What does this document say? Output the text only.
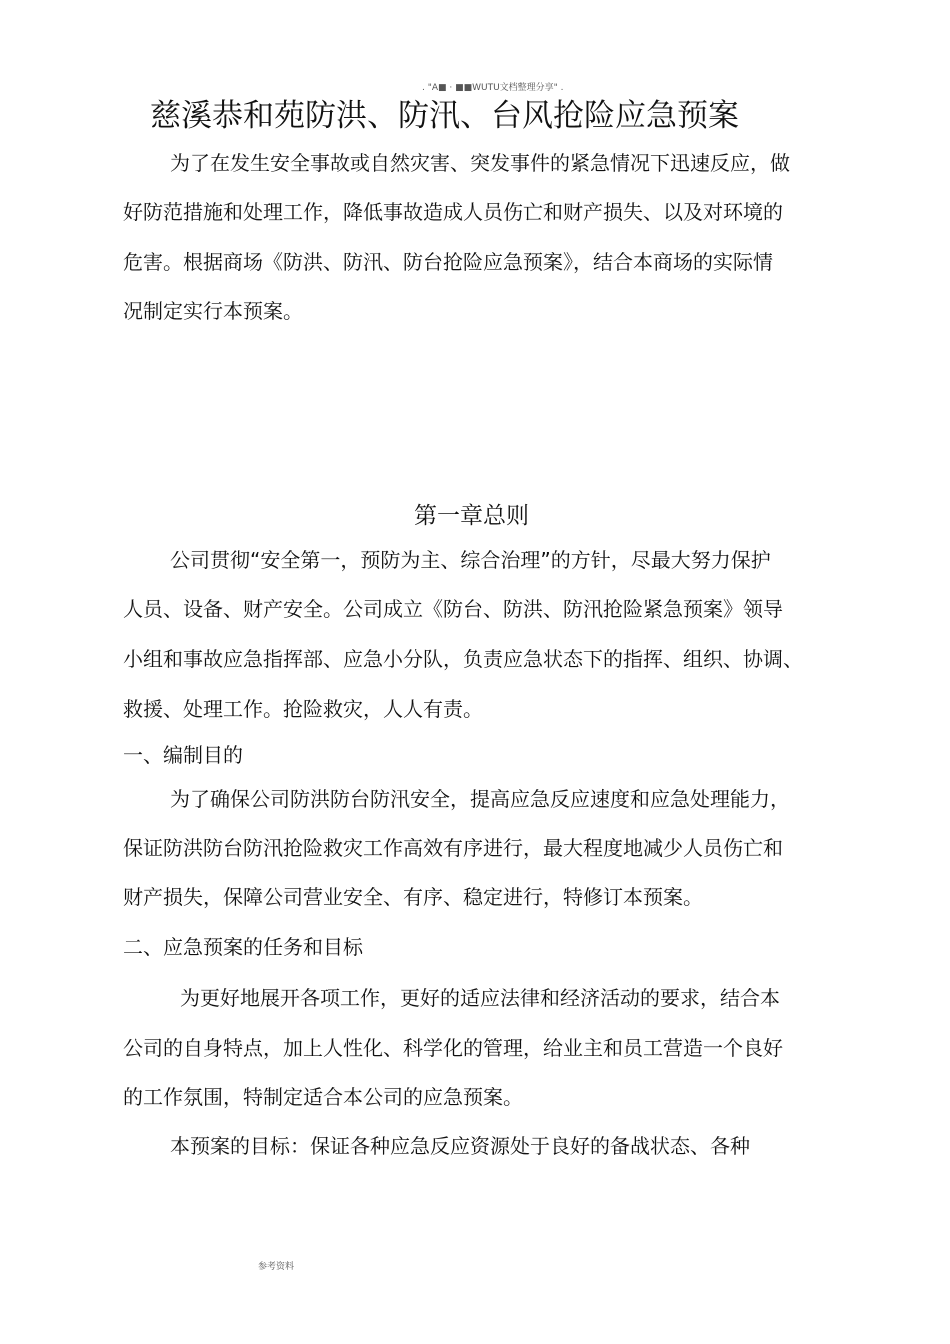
. "A■ · ■■WUTU文档整理分享" .
慈溪恭和苑防洪、防汛、台风抢险应急预案
为了在发生安全事故或自然灾害、突发事件的紧急情况下迅速反应，做
好防范措施和处理工作，降低事故造成人员伤亡和财产损失、以及对环境的
危害。根据商场《防洪、防汛、防台抢险应急预案》，结合本商场的实际情
况制定实行本预案。
第一章总则
公司贯彻“安全第一，预防为主、综合治理”的方针，尽最大努力保护
人员、设备、财产安全。公司成立《防台、防洪、防汛抢险紧急预案》领导
小组和事故应急指挥部、应急小分队，负责应急状态下的指挥、组织、协调、
救援、处理工作。抢险救灾，人人有责。
一、编制目的
为了确保公司防洪防台防汛安全，提高应急反应速度和应急处理能力，
保证防洪防台防汛抢险救灾工作高效有序进行，最大程度地减少人员伤亡和
财产损失，保障公司营业安全、有序、稳定进行，特修订本预案。
二、应急预案的任务和目标
为更好地展开各项工作，更好的适应法律和经济活动的要求，结合本
公司的自身特点，加上人性化、科学化的管理，给业主和员工营造一个良好
的工作氛围，特制定适合本公司的应急预案。
本预案的目标：保证各种应急反应资源处于良好的备战状态、各种
参考资料
